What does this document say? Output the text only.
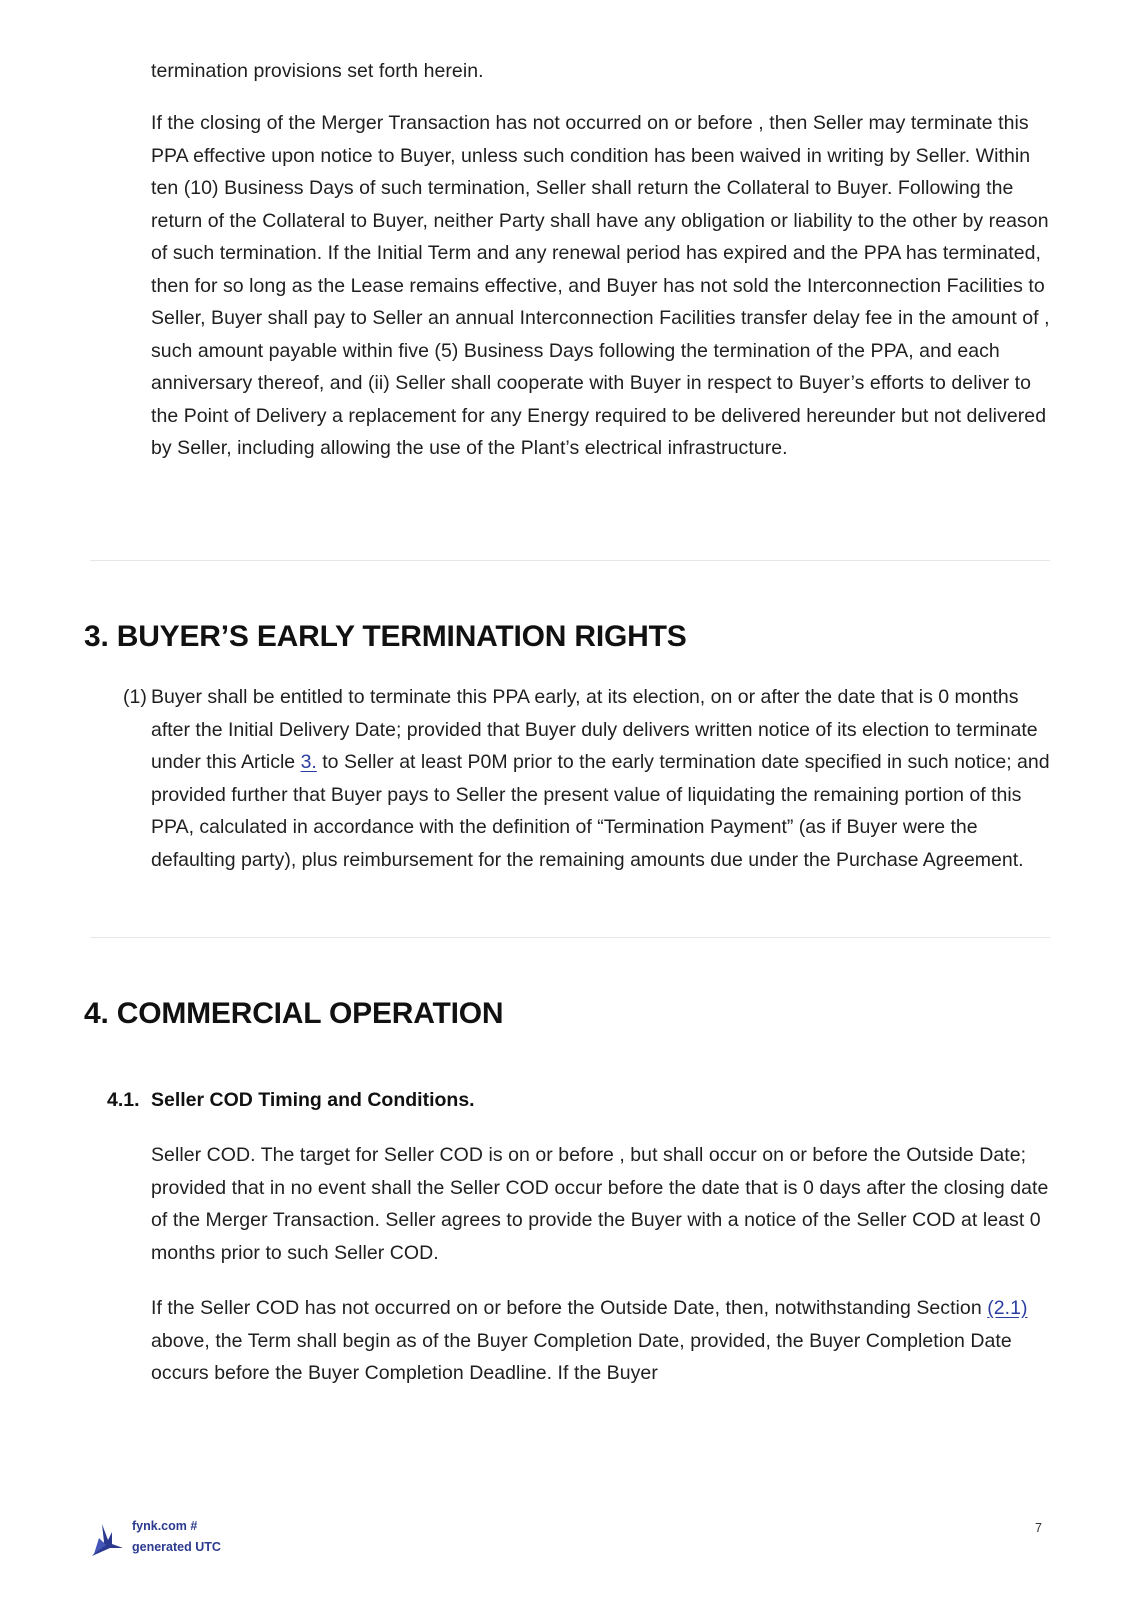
termination provisions set forth herein.

If the closing of the Merger Transaction has not occurred on or before , then Seller may terminate this PPA effective upon notice to Buyer, unless such condition has been waived in writing by Seller. Within ten (10) Business Days of such termination, Seller shall return the Collateral to Buyer. Following the return of the Collateral to Buyer, neither Party shall have any obligation or liability to the other by reason of such termination. If the Initial Term and any renewal period has expired and the PPA has terminated, then for so long as the Lease remains effective, and Buyer has not sold the Interconnection Facilities to Seller, Buyer shall pay to Seller an annual Interconnection Facilities transfer delay fee in the amount of , such amount payable within five (5) Business Days following the termination of the PPA, and each anniversary thereof, and (ii) Seller shall cooperate with Buyer in respect to Buyer’s efforts to deliver to the Point of Delivery a replacement for any Energy required to be delivered hereunder but not delivered by Seller, including allowing the use of the Plant’s electrical infrastructure.

3. BUYER’S EARLY TERMINATION RIGHTS
(1) Buyer shall be entitled to terminate this PPA early, at its election, on or after the date that is 0 months after the Initial Delivery Date; provided that Buyer duly delivers written notice of its election to terminate under this Article 3. to Seller at least P0M prior to the early termination date specified in such notice; and provided further that Buyer pays to Seller the present value of liquidating the remaining portion of this PPA, calculated in accordance with the definition of “Termination Payment” (as if Buyer were the defaulting party), plus reimbursement for the remaining amounts due under the Purchase Agreement.
4. COMMERCIAL OPERATION
4.1. Seller COD Timing and Conditions.

Seller COD. The target for Seller COD is on or before , but shall occur on or before the Outside Date; provided that in no event shall the Seller COD occur before the date that is 0 days after the closing date of the Merger Transaction. Seller agrees to provide the Buyer with a notice of the Seller COD at least 0 months prior to such Seller COD.

If the Seller COD has not occurred on or before the Outside Date, then, notwithstanding Section (2.1) above, the Term shall begin as of the Buyer Completion Date, provided, the Buyer Completion Date occurs before the Buyer Completion Deadline. If the Buyer

fynk.com #
generated UTC
7
